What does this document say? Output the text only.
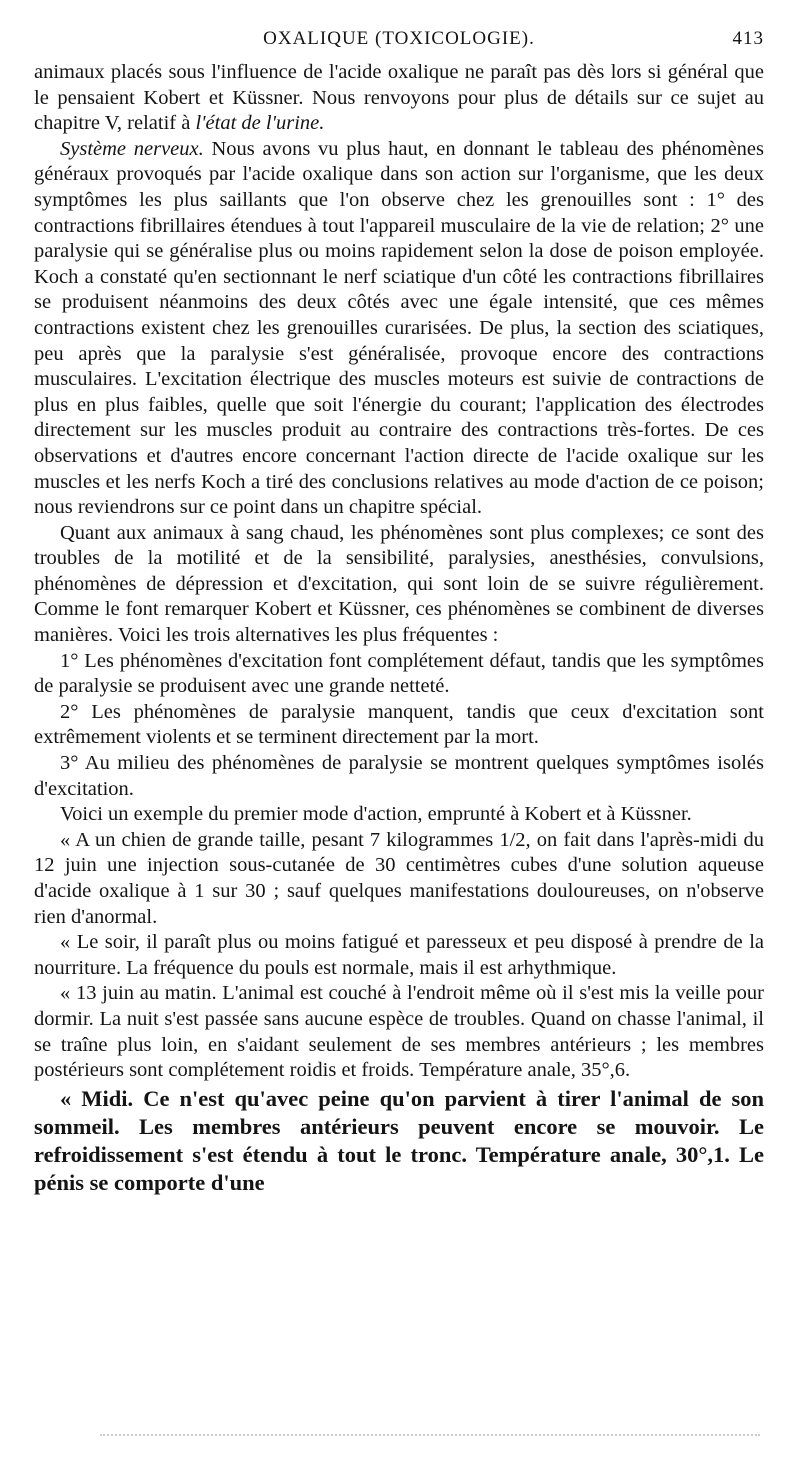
OXALIQUE (TOXICOLOGIE).	413

animaux placés sous l'influence de l'acide oxalique ne paraît pas dès lors si général que le pensaient Kobert et Küssner. Nous renvoyons pour plus de détails sur ce sujet au chapitre V, relatif à l'état de l'urine.

Système nerveux. Nous avons vu plus haut, en donnant le tableau des phénomènes généraux provoqués par l'acide oxalique dans son action sur l'organisme, que les deux symptômes les plus saillants que l'on observe chez les grenouilles sont : 1° des contractions fibrillaires étendues à tout l'appareil musculaire de la vie de relation; 2° une paralysie qui se généralise plus ou moins rapidement selon la dose de poison employée. Koch a constaté qu'en sectionnant le nerf sciatique d'un côté les contractions fibrillaires se produisent néanmoins des deux côtés avec une égale intensité, que ces mêmes contractions existent chez les grenouilles curarisées. De plus, la section des sciatiques, peu après que la paralysie s'est généralisée, provoque encore des contractions musculaires. L'excitation électrique des muscles moteurs est suivie de contractions de plus en plus faibles, quelle que soit l'énergie du courant; l'application des électrodes directement sur les muscles produit au contraire des contractions très-fortes. De ces observations et d'autres encore concernant l'action directe de l'acide oxalique sur les muscles et les nerfs Koch a tiré des conclusions relatives au mode d'action de ce poison; nous reviendrons sur ce point dans un chapitre spécial.

Quant aux animaux à sang chaud, les phénomènes sont plus complexes; ce sont des troubles de la motilité et de la sensibilité, paralysies, anesthésies, convulsions, phénomènes de dépression et d'excitation, qui sont loin de se suivre régulièrement. Comme le font remarquer Kobert et Küssner, ces phénomènes se combinent de diverses manières. Voici les trois alternatives les plus fréquentes :

1° Les phénomènes d'excitation font complétement défaut, tandis que les symptômes de paralysie se produisent avec une grande netteté.

2° Les phénomènes de paralysie manquent, tandis que ceux d'excitation sont extrêmement violents et se terminent directement par la mort.

3° Au milieu des phénomènes de paralysie se montrent quelques symptômes isolés d'excitation.

Voici un exemple du premier mode d'action, emprunté à Kobert et à Küssner.

« A un chien de grande taille, pesant 7 kilogrammes 1/2, on fait dans l'après-midi du 12 juin une injection sous-cutanée de 30 centimètres cubes d'une solution aqueuse d'acide oxalique à 1 sur 30 ; sauf quelques manifestations douloureuses, on n'observe rien d'anormal.

« Le soir, il paraît plus ou moins fatigué et paresseux et peu disposé à prendre de la nourriture. La fréquence du pouls est normale, mais il est arhythmique.

« 13 juin au matin. L'animal est couché à l'endroit même où il s'est mis la veille pour dormir. La nuit s'est passée sans aucune espèce de troubles. Quand on chasse l'animal, il se traîne plus loin, en s'aidant seulement de ses membres antérieurs ; les membres postérieurs sont complétement roidis et froids. Température anale, 35°,6.

« Midi. Ce n'est qu'avec peine qu'on parvient à tirer l'animal de son sommeil. Les membres antérieurs peuvent encore se mouvoir. Le refroidissement s'est étendu à tout le tronc. Température anale, 30°,1. Le pénis se comporte d'une
